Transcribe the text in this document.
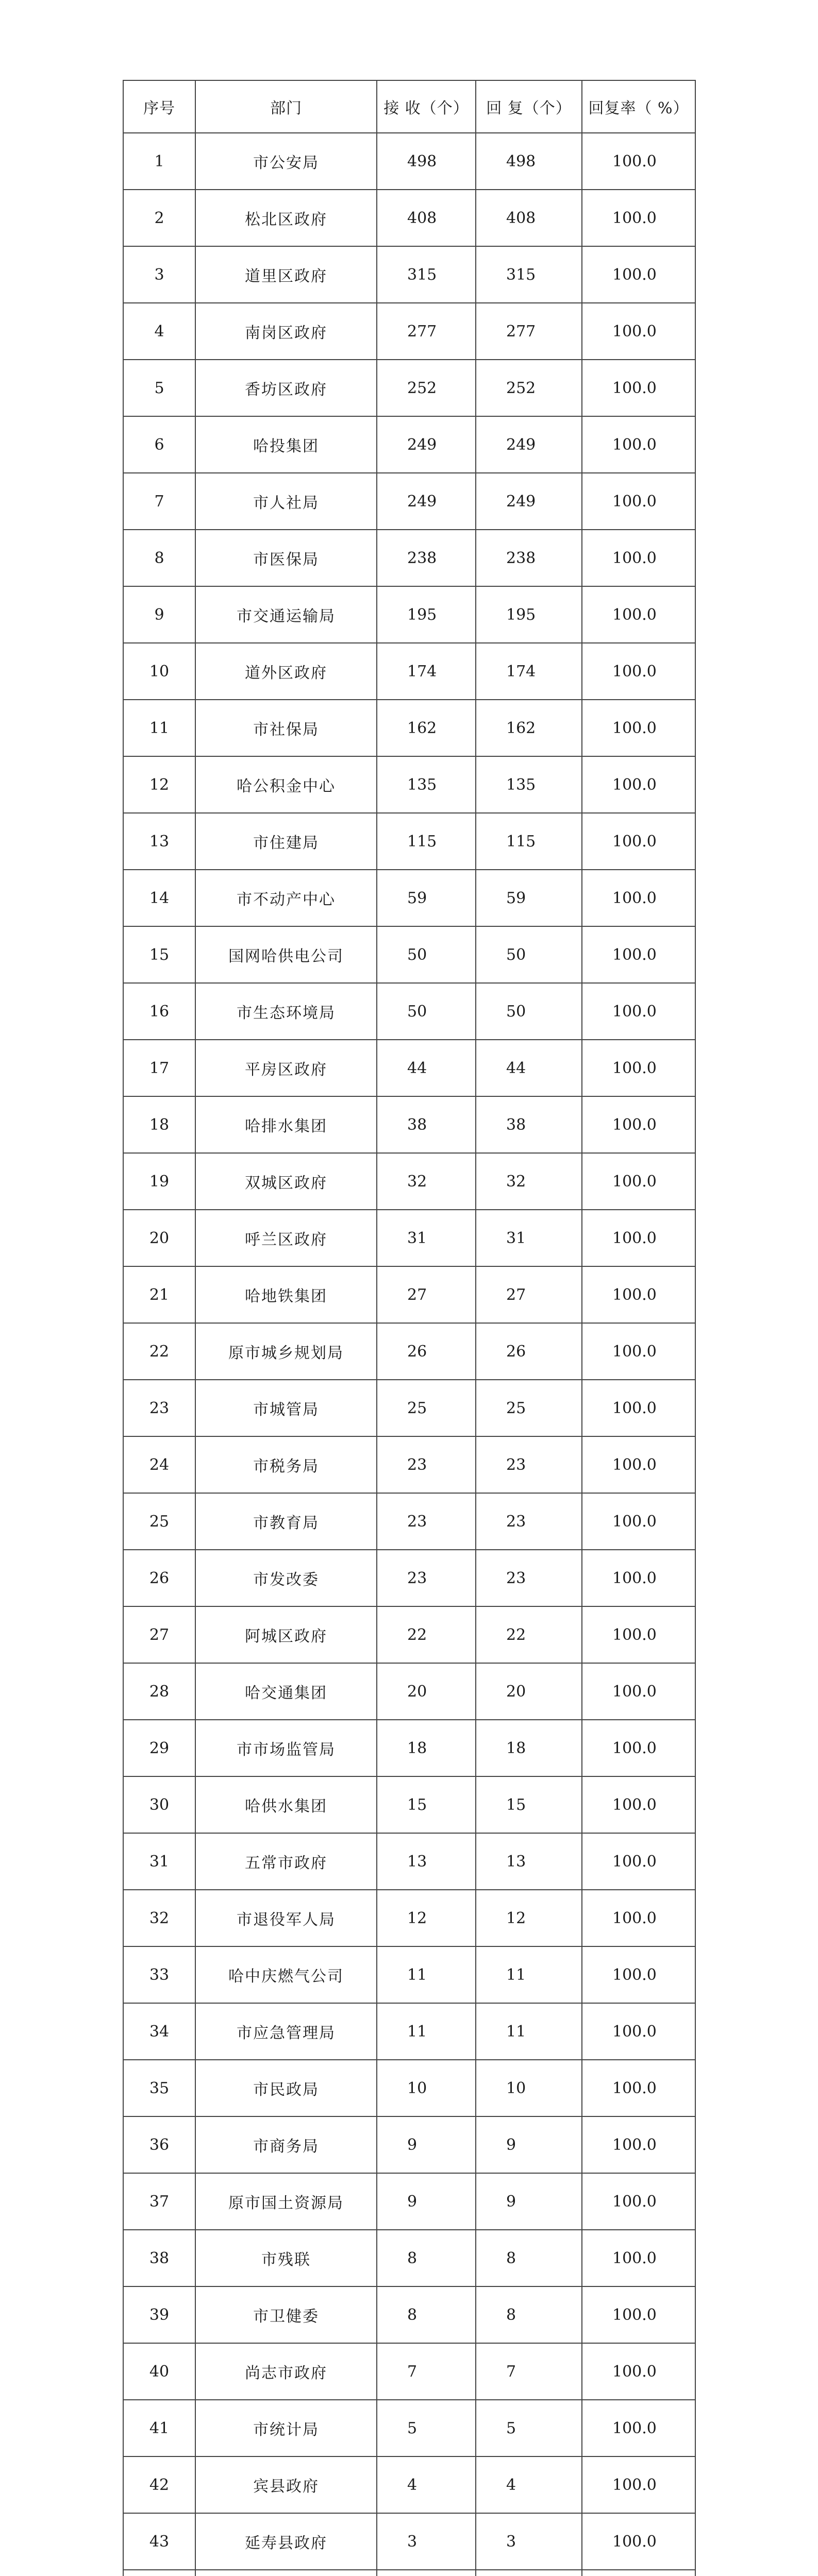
序号	部门	接 收（个）	回 复（个）	回复率（ %）
1	市公安局	498	498	100.0
2	松北区政府	408	408	100.0
3	道里区政府	315	315	100.0
4	南岗区政府	277	277	100.0
5	香坊区政府	252	252	100.0
6	哈投集团	249	249	100.0
7	市人社局	249	249	100.0
8	市医保局	238	238	100.0
9	市交通运输局	195	195	100.0
10	道外区政府	174	174	100.0
11	市社保局	162	162	100.0
12	哈公积金中心	135	135	100.0
13	市住建局	115	115	100.0
14	市不动产中心	59	59	100.0
15	国网哈供电公司	50	50	100.0
16	市生态环境局	50	50	100.0
17	平房区政府	44	44	100.0
18	哈排水集团	38	38	100.0
19	双城区政府	32	32	100.0
20	呼兰区政府	31	31	100.0
21	哈地铁集团	27	27	100.0
22	原市城乡规划局	26	26	100.0
23	市城管局	25	25	100.0
24	市税务局	23	23	100.0
25	市教育局	23	23	100.0
26	市发改委	23	23	100.0
27	阿城区政府	22	22	100.0
28	哈交通集团	20	20	100.0
29	市市场监管局	18	18	100.0
30	哈供水集团	15	15	100.0
31	五常市政府	13	13	100.0
32	市退役军人局	12	12	100.0
33	哈中庆燃气公司	11	11	100.0
34	市应急管理局	11	11	100.0
35	市民政局	10	10	100.0
36	市商务局	9	9	100.0
37	原市国土资源局	9	9	100.0
38	市残联	8	8	100.0
39	市卫健委	8	8	100.0
40	尚志市政府	7	7	100.0
41	市统计局	5	5	100.0
42	宾县政府	4	4	100.0
43	延寿县政府	3	3	100.0
